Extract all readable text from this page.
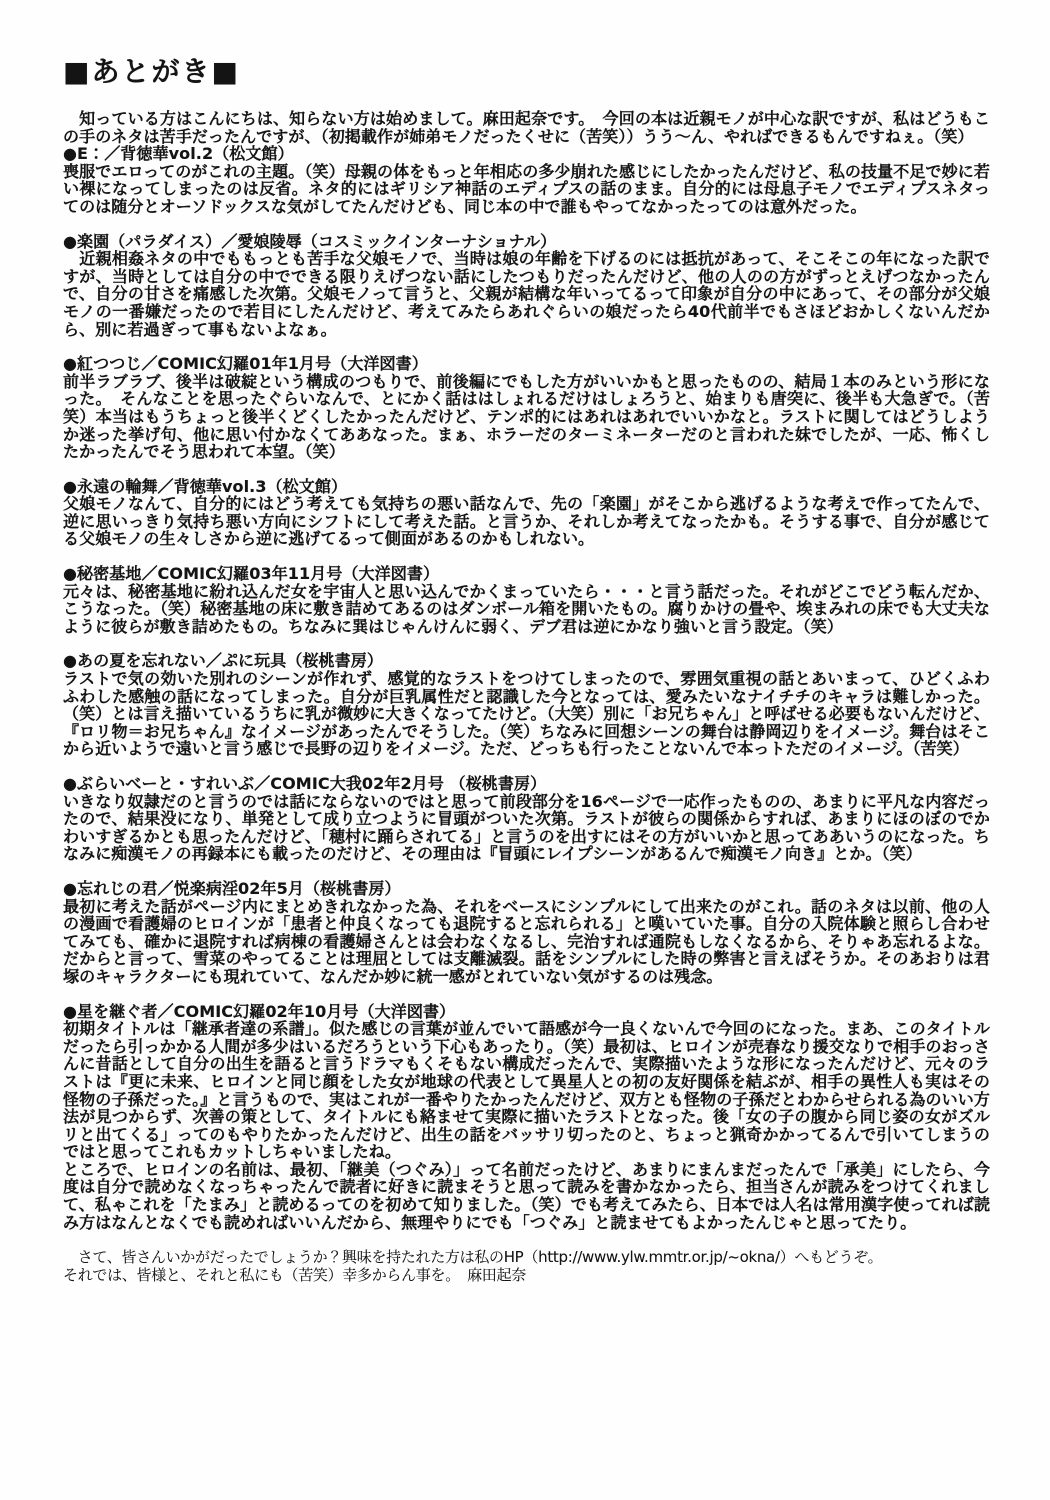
■あとがき■

　知っている方はこんにちは、知らない方は始めまして。麻田起奈です。　今回の本は近親モノが中心な訳ですが、私はどうもこの手のネタは苦手だったんですが、（初掲載作が姉弟モノだったくせに（苦笑））うう～ん、やればできるもんですねぇ。（笑）

●E：／背徳華vol.2（松文館）

喪服でエロってのがこれの主題。（笑）母親の体をもっと年相応の多少崩れた感じにしたかったんだけど、私の技量不足で妙に若い裸になってしまったのは反省。ネタ的にはギリシア神話のエディプスの話のまま。自分的には母息子モノでエディプスネタってのは随分とオーソドックスな気がしてたんだけども、同じ本の中で誰もやってなかったってのは意外だった。

●楽園（パラダイス）／愛娘陵辱（コスミックインターナショナル）

　近親相姦ネタの中でももっとも苦手な父娘モノで、当時は娘の年齢を下げるのには抵抗があって、そこそこの年になった訳ですが、当時としては自分の中でできる限りえげつない話にしたつもりだったんだけど、他の人のの方がずっとえげつなかったんで、自分の甘さを痛感した次第。父娘モノって言うと、父親が結構な年いってるって印象が自分の中にあって、その部分が父娘モノの一番嫌だったので若目にしたんだけど、考えてみたらあれぐらいの娘だったら40代前半でもさほどおかしくないんだから、別に若過ぎって事もないよなぁ。

●紅つつじ／COMIC幻羅01年1月号（大洋図書）

前半ラブラブ、後半は破綻という構成のつもりで、前後編にでもした方がいいかもと思ったものの、結局１本のみという形になった。　そんなことを思ったぐらいなんで、とにかく話ははしょれるだけはしょろうと、始まりも唐突に、後半も大急ぎで。（苦笑）本当はもうちょっと後半くどくしたかったんだけど、テンポ的にはあれはあれでいいかなと。ラストに関してはどうしようか迷った挙げ句、他に思い付かなくてああなった。まぁ、ホラーだのターミネーターだのと言われた妹でしたが、一応、怖くしたかったんでそう思われて本望。（笑）

●永遠の輪舞／背徳華vol.3（松文館）

父娘モノなんて、自分的にはどう考えても気持ちの悪い話なんで、先の「楽園」がそこから逃げるような考えで作ってたんで、逆に思いっきり気持ち悪い方向にシフトにして考えた話。と言うか、それしか考えてなったかも。そうする事で、自分が感じてる父娘モノの生々しさから逆に逃げてるって側面があるのかもしれない。

●秘密基地／COMIC幻羅03年11月号（大洋図書）

元々は、秘密基地に紛れ込んだ女を宇宙人と思い込んでかくまっていたら・・・と言う話だった。それがどこでどう転んだか、こうなった。（笑）秘密基地の床に敷き詰めてあるのはダンボール箱を開いたもの。腐りかけの畳や、埃まみれの床でも大丈夫なように彼らが敷き詰めたもの。ちなみに巽はじゃんけんに弱く、デブ君は逆にかなり強いと言う設定。（笑）

●あの夏を忘れない／ぷに玩具（桜桃書房）

ラストで気の効いた別れのシーンが作れず、感覚的なラストをつけてしまったので、雰囲気重視の話とあいまって、ひどくふわふわした感触の話になってしまった。自分が巨乳属性だと認識した今となっては、愛みたいなナイチチのキャラは難しかった。（笑）とは言え描いているうちに乳が微妙に大きくなってたけど。（大笑）別に「お兄ちゃん」と呼ばせる必要もないんだけど、『ロリ物＝お兄ちゃん』なイメージがあったんでそうした。（笑）ちなみに回想シーンの舞台は静岡辺りをイメージ。舞台はそこから近いようで遠いと言う感じで長野の辺りをイメージ。ただ、どっちも行ったことないんで本っトただのイメージ。（苦笑）

●ぶらいべーと・すれいぶ／COMIC大我02年2月号 （桜桃書房）

いきなり奴隷だのと言うのでは話にならないのではと思って前段部分を16ページで一応作ったものの、あまりに平凡な内容だったので、結果没になり、単発として成り立つように冒頭がついた次第。ラストが彼らの関係からすれば、あまりにほのぼのでかわいすぎるかとも思ったんだけど、「穂村に踊らされてる」と言うのを出すにはその方がいいかと思ってああいうのになった。ちなみに痴漢モノの再録本にも載ったのだけど、その理由は『冒頭にレイプシーンがあるんで痴漢モノ向き』とか。（笑）

●忘れじの君／悦楽病淫02年5月（桜桃書房）

最初に考えた話がページ内にまとめきれなかった為、それをベースにシンプルにして出来たのがこれ。話のネタは以前、他の人の漫画で看護婦のヒロインが「患者と仲良くなっても退院すると忘れられる」と嘆いていた事。自分の入院体験と照らし合わせてみても、確かに退院すれば病棟の看護婦さんとは会わなくなるし、完治すれば通院もしなくなるから、そりゃあ忘れるよな。だからと言って、雪菜のやってることは理屈としては支離滅裂。話をシンプルにした時の弊害と言えばそうか。そのあおりは君塚のキャラクターにも現れていて、なんだか妙に統一感がとれていない気がするのは残念。

●星を継ぐ者／COMIC幻羅02年10月号（大洋図書）

初期タイトルは「継承者達の系譜」。似た感じの言葉が並んでいて語感が今一良くないんで今回のになった。まあ、このタイトルだったら引っかかる人間が多少はいるだろうという下心もあったり。（笑）最初は、ヒロインが売春なり援交なりで相手のおっさんに昔話として自分の出生を語ると言うドラマもくそもない構成だったんで、実際描いたような形になったんだけど、元々のラストは『更に未来、ヒロインと同じ顔をした女が地球の代表として異星人との初の友好関係を結ぶが、相手の異性人も実はその怪物の子孫だった。』と言うもので、実はこれが一番やりたかったんだけど、双方とも怪物の子孫だとわからせられる為のいい方法が見つからず、次善の策として、タイトルにも絡ませて実際に描いたラストとなった。後「女の子の腹から同じ姿の女がズルリと出てくる」ってのもやりたかったんだけど、出生の話をバッサリ切ったのと、ちょっと猟奇かかってるんで引いてしまうのではと思ってこれもカットしちゃいましたね。

ところで、ヒロインの名前は、最初、「継美（つぐみ）」って名前だったけど、あまりにまんまだったんで「承美」にしたら、今度は自分で読めなくなっちゃったんで読者に好きに読まそうと思って読みを書かなかったら、担当さんが読みをつけてくれまして、私ゃこれを「たまみ」と読めるってのを初めて知りました。（笑）でも考えてみたら、日本では人名は常用漢字使ってれば読み方はなんとなくでも読めればいいんだから、無理やりにでも「つぐみ」と読ませてもよかったんじゃと思ってたり。

　さて、皆さんいかがだったでしょうか？興味を持たれた方は私のHP（http://www.ylw.mmtr.or.jp/~okna/）へもどうぞ。

それでは、皆様と、それと私にも（苦笑）幸多からん事を。　麻田起奈
